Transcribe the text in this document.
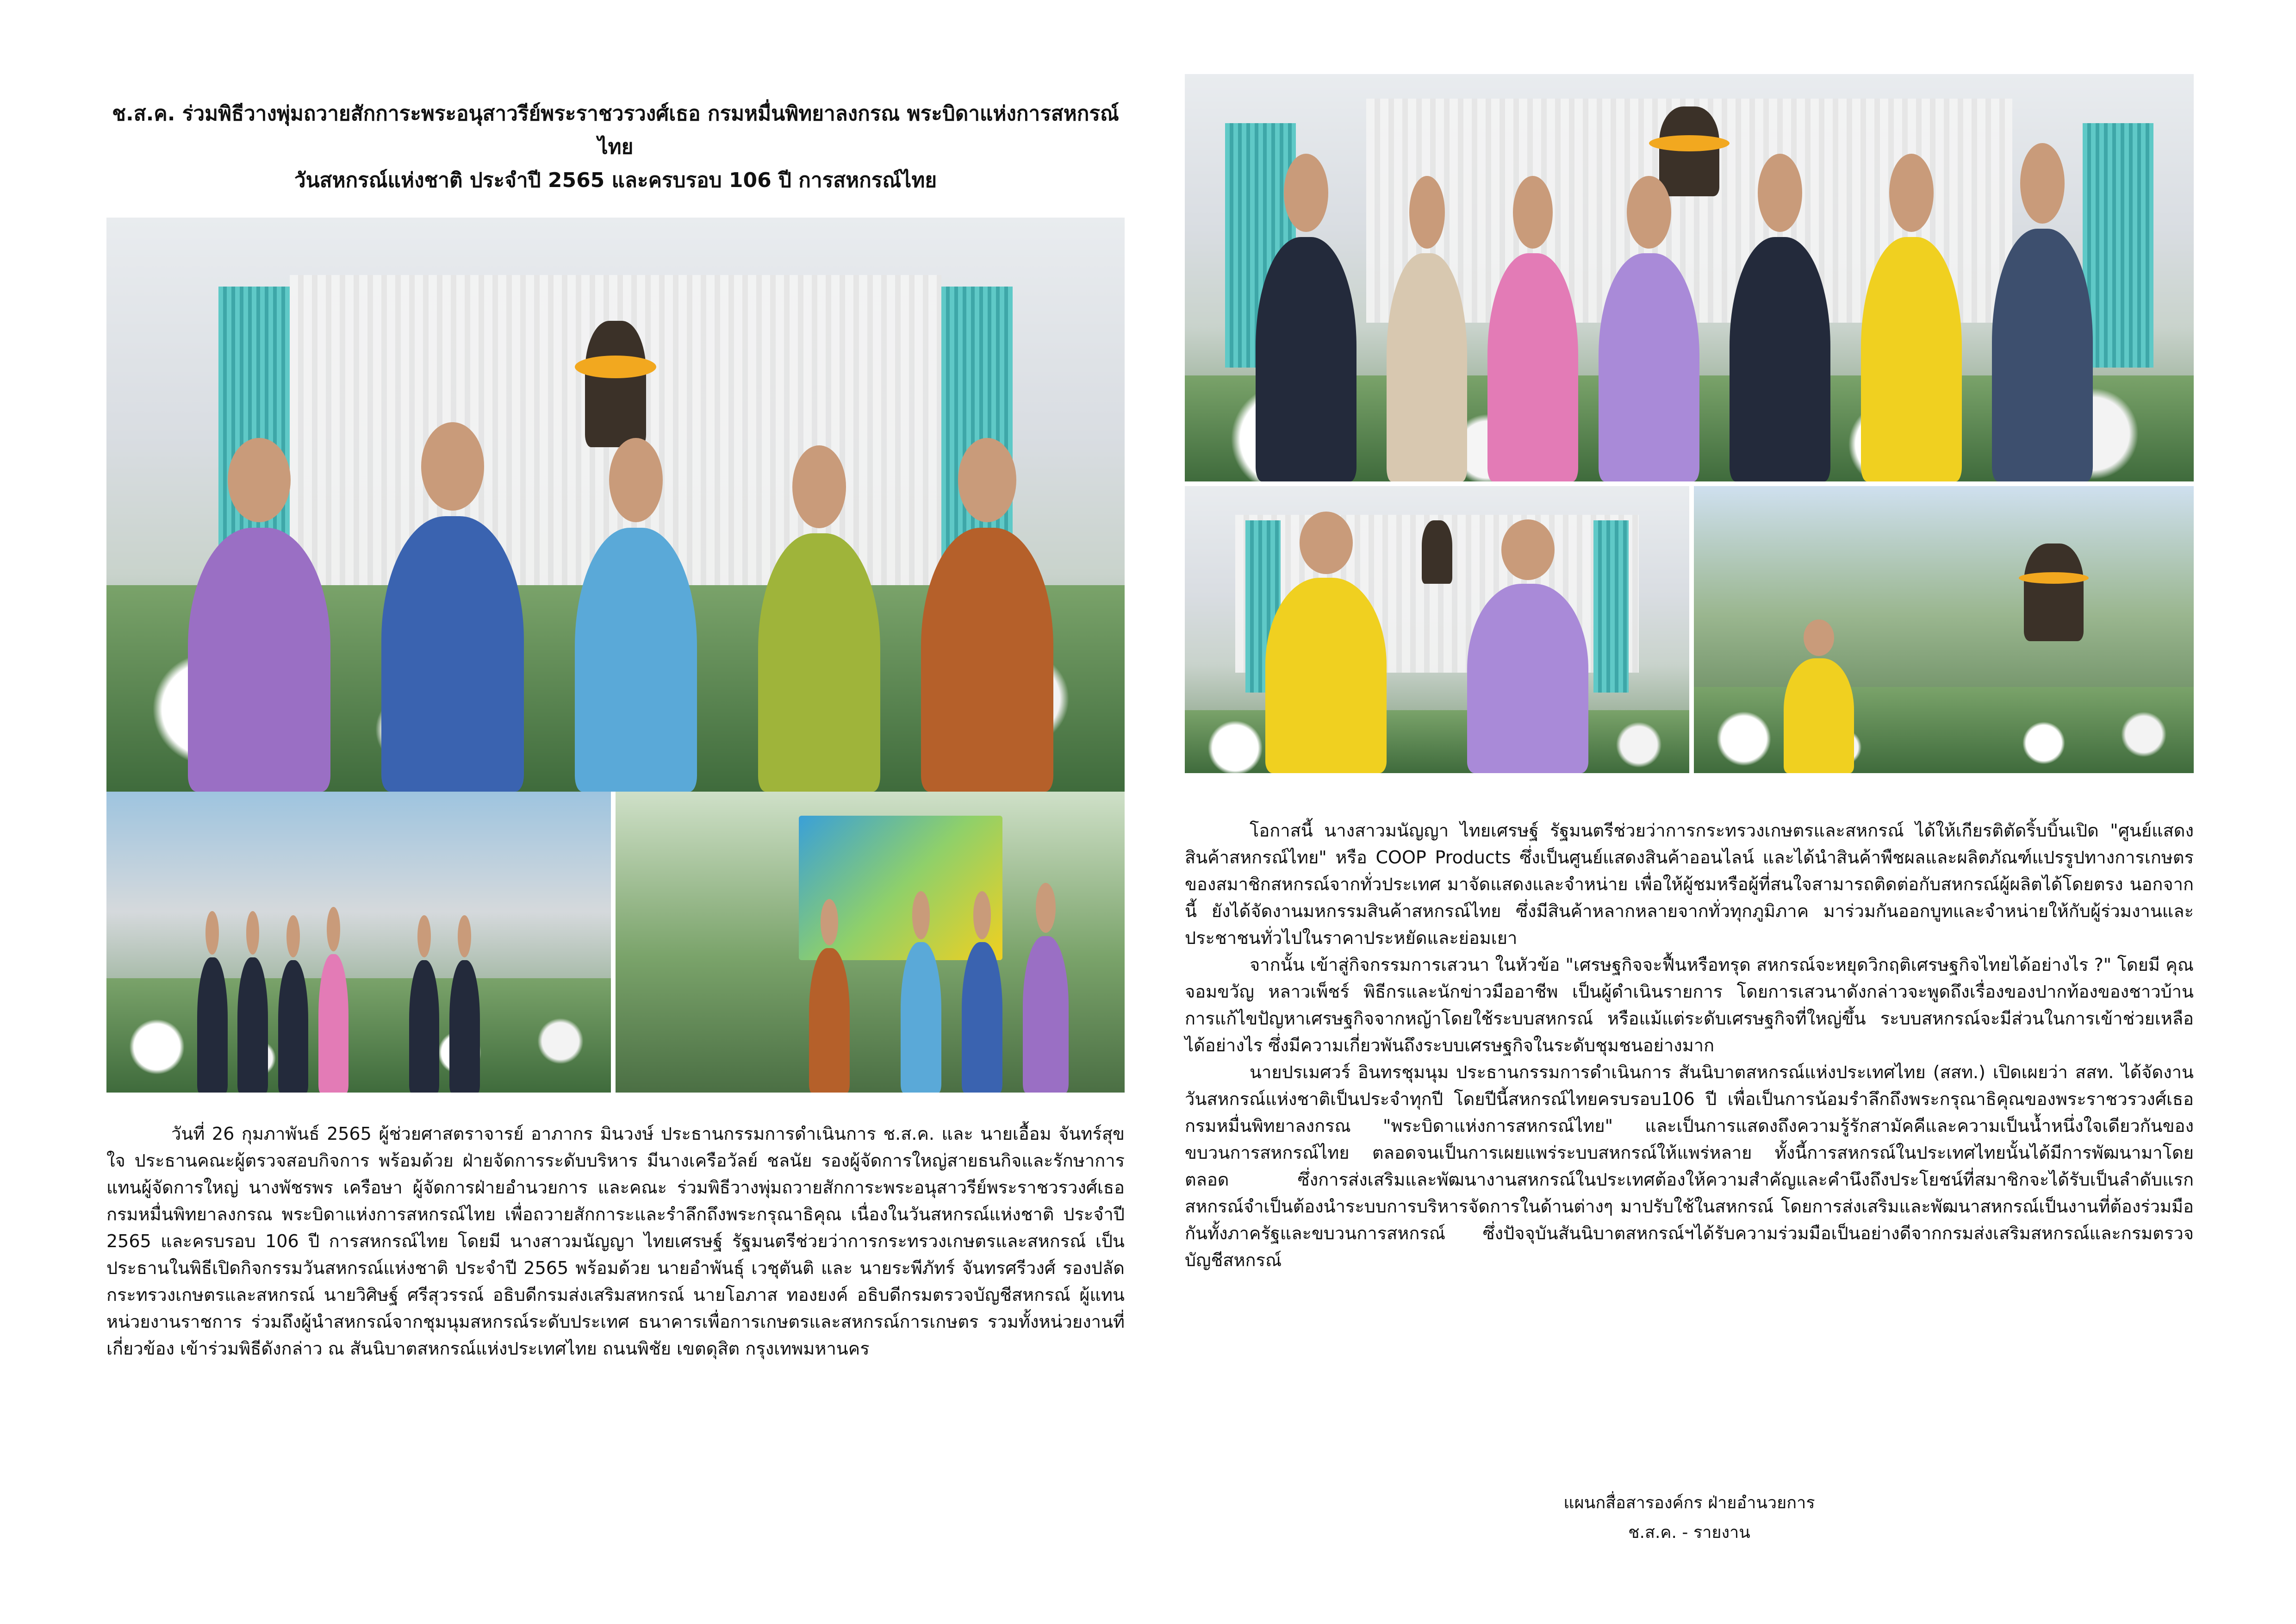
ช.ส.ค. ร่วมพิธีวางพุ่มถวายสักการะพระอนุสาวรีย์พระราชวรวงศ์เธอ กรมหมื่นพิทยาลงกรณ พระบิดาแห่งการสหกรณ์ไทย
วันสหกรณ์แห่งชาติ ประจำปี 2565 และครบรอบ 106 ปี การสหกรณ์ไทย

วันที่ 26 กุมภาพันธ์ 2565 ผู้ช่วยศาสตราจารย์ อาภากร มินวงษ์ ประธานกรรมการดำเนินการ ช.ส.ค. และ นายเอื้อม จันทร์สุขใจ ประธานคณะผู้ตรวจสอบกิจการ พร้อมด้วย ฝ่ายจัดการระดับบริหาร มีนางเครือวัลย์ ชลนัย รองผู้จัดการใหญ่สายธนกิจและรักษาการแทนผู้จัดการใหญ่ นางพัชรพร เครือษา ผู้จัดการฝ่ายอำนวยการ และคณะ ร่วมพิธีวางพุ่มถวายสักการะพระอนุสาวรีย์พระราชวรวงศ์เธอ กรมหมื่นพิทยาลงกรณ พระบิดาแห่งการสหกรณ์ไทย เพื่อถวายสักการะและรำลึกถึงพระกรุณาธิคุณ เนื่องในวันสหกรณ์แห่งชาติ ประจำปี 2565 และครบรอบ 106 ปี การสหกรณ์ไทย โดยมี นางสาวมนัญญา ไทยเศรษฐ์ รัฐมนตรีช่วยว่าการกระทรวงเกษตรและสหกรณ์ เป็นประธานในพิธีเปิดกิจกรรมวันสหกรณ์แห่งชาติ ประจำปี 2565 พร้อมด้วย นายอำพันธุ์ เวชุตันติ และ นายระพีภัทร์ จันทรศรีวงศ์ รองปลัดกระทรวงเกษตรและสหกรณ์ นายวิศิษฐ์ ศรีสุวรรณ์ อธิบดีกรมส่งเสริมสหกรณ์ นายโอภาส ทองยงค์ อธิบดีกรมตรวจบัญชีสหกรณ์ ผู้แทนหน่วยงานราชการ ร่วมถึงผู้นำสหกรณ์จากชุมนุมสหกรณ์ระดับประเทศ ธนาคารเพื่อการเกษตรและสหกรณ์การเกษตร รวมทั้งหน่วยงานที่เกี่ยวข้อง เข้าร่วมพิธีดังกล่าว ณ สันนิบาตสหกรณ์แห่งประเทศไทย ถนนพิชัย เขตดุสิต กรุงเทพมหานคร

โอกาสนี้ นางสาวมนัญญา ไทยเศรษฐ์ รัฐมนตรีช่วยว่าการกระทรวงเกษตรและสหกรณ์ ได้ให้เกียรติตัดริ้บบิ้นเปิด "ศูนย์แสดงสินค้าสหกรณ์ไทย" หรือ COOP Products ซึ่งเป็นศูนย์แสดงสินค้าออนไลน์ และได้นำสินค้าพืชผลและผลิตภัณฑ์แปรรูปทางการเกษตรของสมาชิกสหกรณ์จากทั่วประเทศ มาจัดแสดงและจำหน่าย เพื่อให้ผู้ชมหรือผู้ที่สนใจสามารถติดต่อกับสหกรณ์ผู้ผลิตได้โดยตรง นอกจากนี้ ยังได้จัดงานมหกรรมสินค้าสหกรณ์ไทย ซึ่งมีสินค้าหลากหลายจากทั่วทุกภูมิภาค มาร่วมกันออกบูทและจำหน่ายให้กับผู้ร่วมงานและประชาชนทั่วไปในราคาประหยัดและย่อมเยา

จากนั้น เข้าสู่กิจกรรมการเสวนา ในหัวข้อ "เศรษฐกิจจะฟื้นหรือทรุด สหกรณ์จะหยุดวิกฤติเศรษฐกิจไทยได้อย่างไร ?" โดยมี คุณจอมขวัญ หลาวเพ็ชร์ พิธีกรและนักข่าวมืออาชีพ เป็นผู้ดำเนินรายการ โดยการเสวนาดังกล่าวจะพูดถึงเรื่องของปากท้องของชาวบ้าน การแก้ไขปัญหาเศรษฐกิจจากหญ้าโดยใช้ระบบสหกรณ์ หรือแม้แต่ระดับเศรษฐกิจที่ใหญ่ขึ้น ระบบสหกรณ์จะมีส่วนในการเข้าช่วยเหลือได้อย่างไร ซึ่งมีความเกี่ยวพันถึงระบบเศรษฐกิจในระดับชุมชนอย่างมาก

นายปรเมศวร์ อินทรชุมนุม ประธานกรรมการดำเนินการ สันนิบาตสหกรณ์แห่งประเทศไทย (สสท.) เปิดเผยว่า สสท. ได้จัดงานวันสหกรณ์แห่งชาติเป็นประจำทุกปี โดยปีนี้สหกรณ์ไทยครบรอบ106 ปี เพื่อเป็นการน้อมรำลึกถึงพระกรุณาธิคุณของพระราชวรวงศ์เธอกรมหมื่นพิทยาลงกรณ "พระบิดาแห่งการสหกรณ์ไทย" และเป็นการแสดงถึงความรู้รักสามัคคีและความเป็นน้ำหนึ่งใจเดียวกันของขบวนการสหกรณ์ไทย ตลอดจนเป็นการเผยแพร่ระบบสหกรณ์ให้แพร่หลาย ทั้งนี้การสหกรณ์ในประเทศไทยนั้นได้มีการพัฒนามาโดยตลอด ซึ่งการส่งเสริมและพัฒนางานสหกรณ์ในประเทศต้องให้ความสำคัญและคำนึงถึงประโยชน์ที่สมาชิกจะได้รับเป็นลำดับแรก สหกรณ์จำเป็นต้องนำระบบการบริหารจัดการในด้านต่างๆ มาปรับใช้ในสหกรณ์ โดยการส่งเสริมและพัฒนาสหกรณ์เป็นงานที่ต้องร่วมมือกันทั้งภาครัฐและขบวนการสหกรณ์ ซึ่งปัจจุบันสันนิบาตสหกรณ์ฯได้รับความร่วมมือเป็นอย่างดีจากกรมส่งเสริมสหกรณ์และกรมตรวจบัญชีสหกรณ์

แผนกสื่อสารองค์กร ฝ่ายอำนวยการ
ช.ส.ค. - รายงาน
